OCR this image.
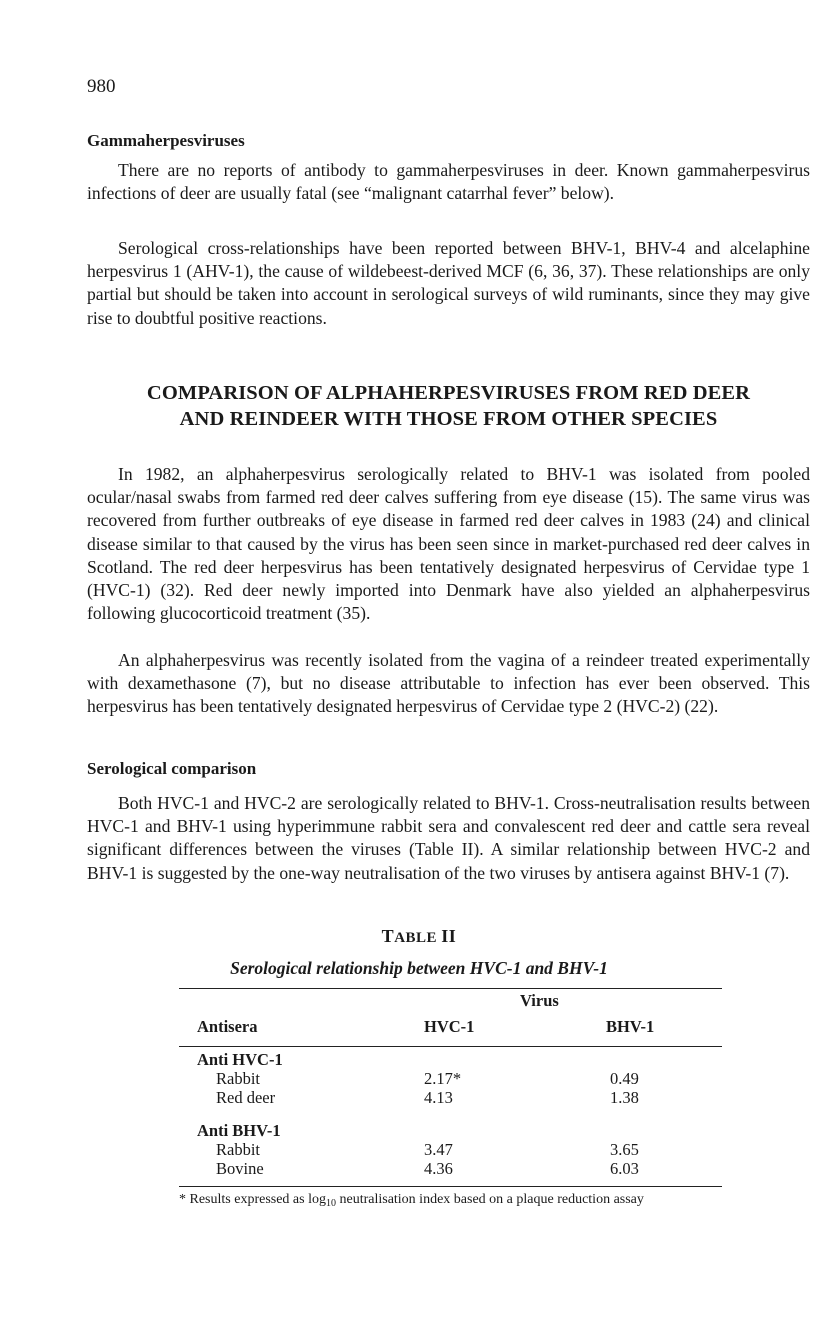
980
Gammaherpesviruses

There are no reports of antibody to gammaherpesviruses in deer. Known gammaherpesvirus infections of deer are usually fatal (see “malignant catarrhal fever” below).

Serological cross-relationships have been reported between BHV-1, BHV-4 and alcelaphine herpesvirus 1 (AHV-1), the cause of wildebeest-derived MCF (6, 36, 37). These relationships are only partial but should be taken into account in serological surveys of wild ruminants, since they may give rise to doubtful positive reactions.

COMPARISON OF ALPHAHERPESVIRUSES FROM RED DEER
AND REINDEER WITH THOSE FROM OTHER SPECIES

In 1982, an alphaherpesvirus serologically related to BHV-1 was isolated from pooled ocular/nasal swabs from farmed red deer calves suffering from eye disease (15). The same virus was recovered from further outbreaks of eye disease in farmed red deer calves in 1983 (24) and clinical disease similar to that caused by the virus has been seen since in market-purchased red deer calves in Scotland. The red deer herpesvirus has been tentatively designated herpesvirus of Cervidae type 1 (HVC-1) (32). Red deer newly imported into Denmark have also yielded an alphaherpesvirus following glucocorticoid treatment (35).

An alphaherpesvirus was recently isolated from the vagina of a reindeer treated experimentally with dexamethasone (7), but no disease attributable to infection has ever been observed. This herpesvirus has been tentatively designated herpesvirus of Cervidae type 2 (HVC-2) (22).

Serological comparison

Both HVC-1 and HVC-2 are serologically related to BHV-1. Cross-neutralisation results between HVC-1 and BHV-1 using hyperimmune rabbit sera and convalescent red deer and cattle sera reveal significant differences between the viruses (Table II). A similar relationship between HVC-2 and BHV-1 is suggested by the one-way neutralisation of the two viruses by antisera against BHV-1 (7).

TABLE II
Serological relationship between HVC-1 and BHV-1
Virus
Antisera	HVC-1	BHV-1
Anti HVC-1
Rabbit	2.17*	0.49
Red deer	4.13	1.38
Anti BHV-1
Rabbit	3.47	3.65
Bovine	4.36	6.03
* Results expressed as $\log_{10}$ neutralisation index based on a plaque reduction assay
